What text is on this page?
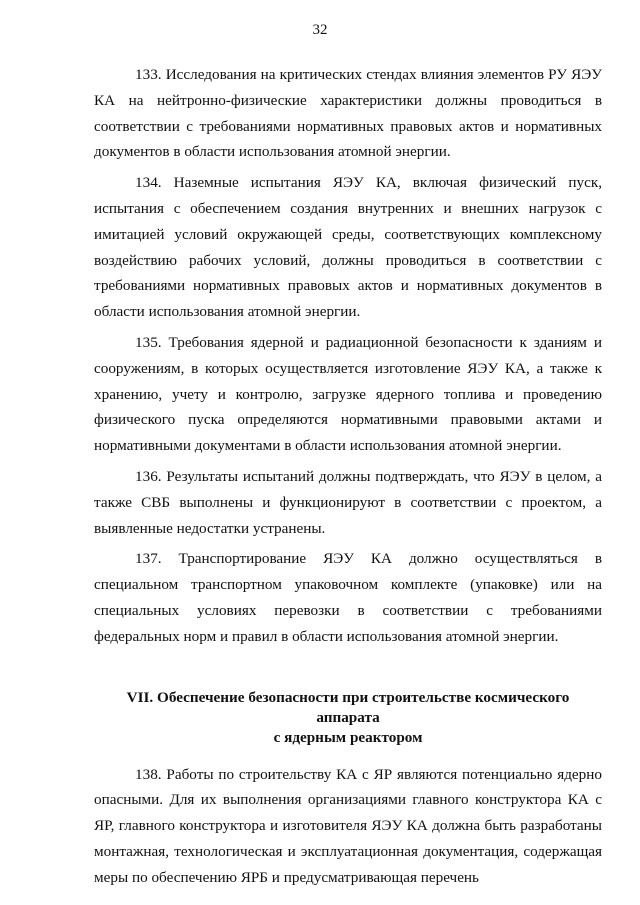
32

133. Исследования на критических стендах влияния элементов РУ ЯЭУ КА на нейтронно-физические характеристики должны проводиться в соответствии с требованиями нормативных правовых актов и нормативных документов в области использования атомной энергии.

134. Наземные испытания ЯЭУ КА, включая физический пуск, испытания с обеспечением создания внутренних и внешних нагрузок с имитацией условий окружающей среды, соответствующих комплексному воздействию рабочих условий, должны проводиться в соответствии с требованиями нормативных правовых актов и нормативных документов в области использования атомной энергии.

135. Требования ядерной и радиационной безопасности к зданиям и сооружениям, в которых осуществляется изготовление ЯЭУ КА, а также к хранению, учету и контролю, загрузке ядерного топлива и проведению физического пуска определяются нормативными правовыми актами и нормативными документами в области использования атомной энергии.

136. Результаты испытаний должны подтверждать, что ЯЭУ в целом, а также СВБ выполнены и функционируют в соответствии с проектом, а выявленные недостатки устранены.

137. Транспортирование ЯЭУ КА должно осуществляться в специальном транспортном упаковочном комплекте (упаковке) или на специальных условиях перевозки в соответствии с требованиями федеральных норм и правил в области использования атомной энергии.

VII. Обеспечение безопасности при строительстве космического аппарата
с ядерным реактором

138. Работы по строительству КА с ЯР являются потенциально ядерно опасными. Для их выполнения организациями главного конструктора КА с ЯР, главного конструктора и изготовителя ЯЭУ КА должна быть разработаны монтажная, технологическая и эксплуатационная документация, содержащая меры по обеспечению ЯРБ и предусматривающая перечень
